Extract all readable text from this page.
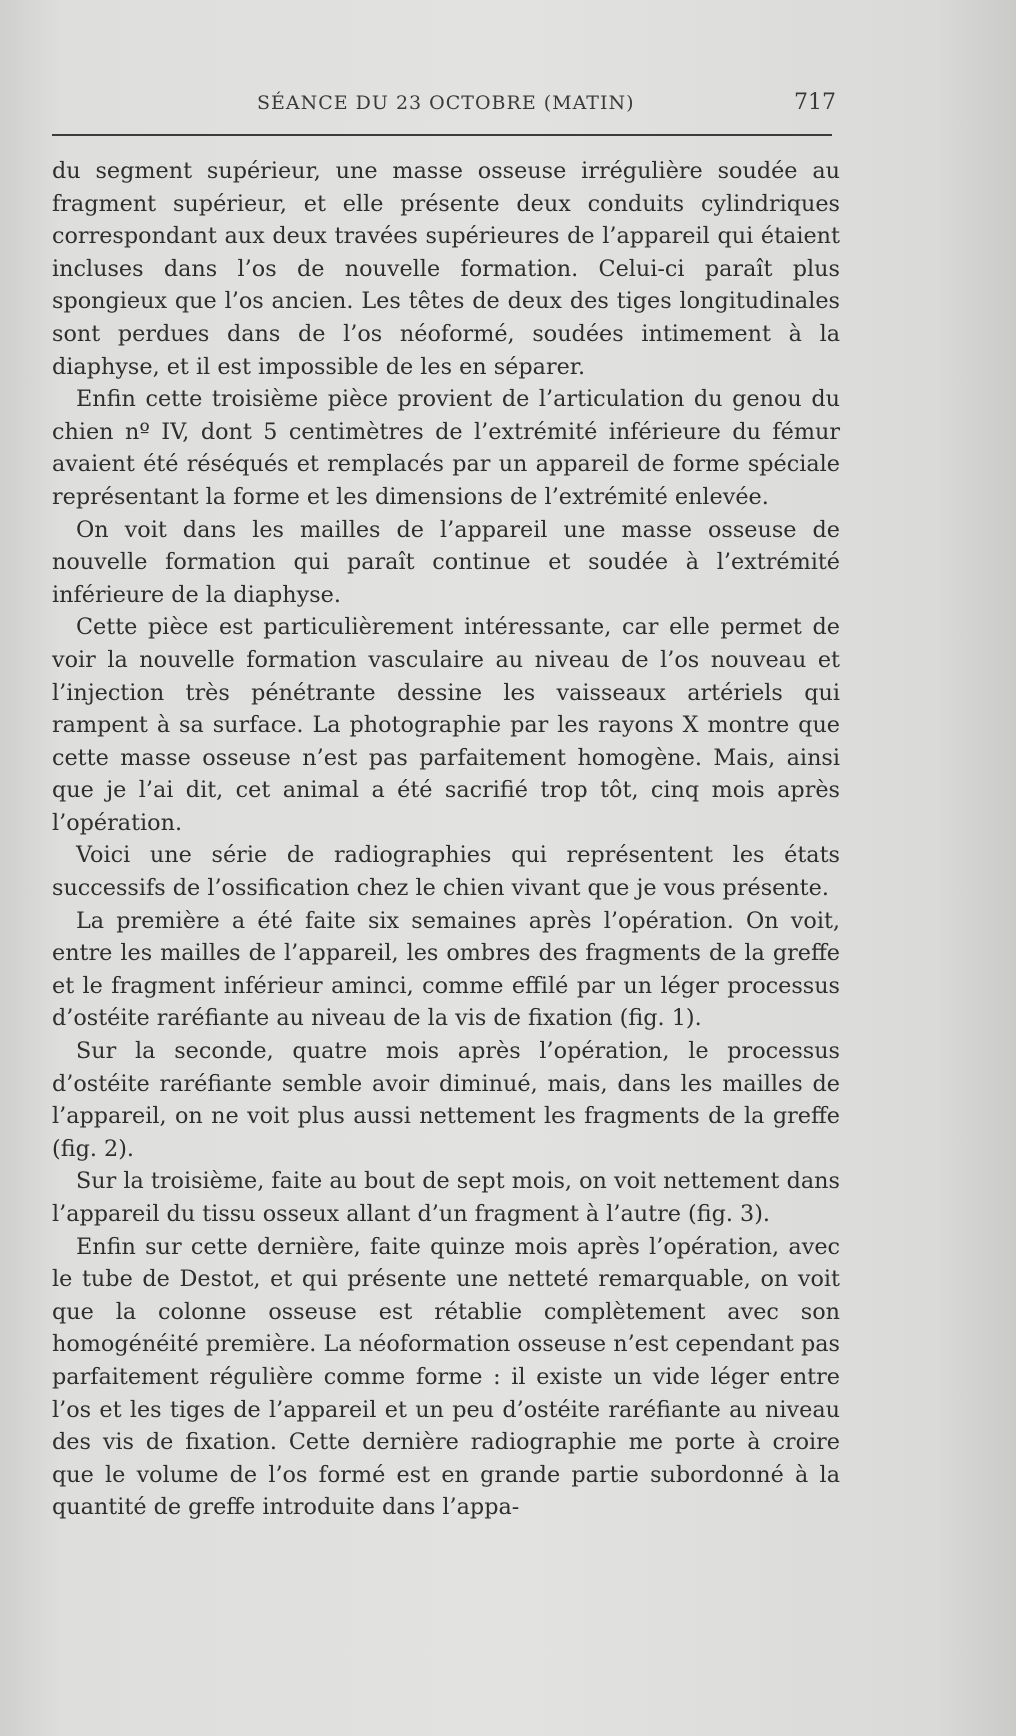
SÉANCE DU 23 OCTOBRE (MATIN)	717

du segment supérieur, une masse osseuse irrégulière soudée au fragment supérieur, et elle présente deux conduits cylindriques correspondant aux deux travées supérieures de l’appareil qui étaient incluses dans l’os de nouvelle formation. Celui-ci paraît plus spongieux que l’os ancien. Les têtes de deux des tiges longitudinales sont perdues dans de l’os néoformé, soudées intimement à la diaphyse, et il est impossible de les en séparer.

Enfin cette troisième pièce provient de l’articulation du genou du chien nº IV, dont 5 centimètres de l’extrémité inférieure du fémur avaient été réséqués et remplacés par un appareil de forme spéciale représentant la forme et les dimensions de l’extrémité enlevée.

On voit dans les mailles de l’appareil une masse osseuse de nouvelle formation qui paraît continue et soudée à l’extrémité inférieure de la diaphyse.

Cette pièce est particulièrement intéressante, car elle permet de voir la nouvelle formation vasculaire au niveau de l’os nouveau et l’injection très pénétrante dessine les vaisseaux artériels qui rampent à sa surface. La photographie par les rayons X montre que cette masse osseuse n’est pas parfaitement homogène. Mais, ainsi que je l’ai dit, cet animal a été sacrifié trop tôt, cinq mois après l’opération.

Voici une série de radiographies qui représentent les états successifs de l’ossification chez le chien vivant que je vous présente.

La première a été faite six semaines après l’opération. On voit, entre les mailles de l’appareil, les ombres des fragments de la greffe et le fragment inférieur aminci, comme effilé par un léger processus d’ostéite raréfiante au niveau de la vis de fixation (fig. 1).

Sur la seconde, quatre mois après l’opération, le processus d’ostéite raréfiante semble avoir diminué, mais, dans les mailles de l’appareil, on ne voit plus aussi nettement les fragments de la greffe (fig. 2).

Sur la troisième, faite au bout de sept mois, on voit nettement dans l’appareil du tissu osseux allant d’un fragment à l’autre (fig. 3).

Enfin sur cette dernière, faite quinze mois après l’opération, avec le tube de Destot, et qui présente une netteté remarquable, on voit que la colonne osseuse est rétablie complètement avec son homogénéité première. La néoformation osseuse n’est cependant pas parfaitement régulière comme forme : il existe un vide léger entre l’os et les tiges de l’appareil et un peu d’ostéite raréfiante au niveau des vis de fixation. Cette dernière radiographie me porte à croire que le volume de l’os formé est en grande partie subordonné à la quantité de greffe introduite dans l’appa-
